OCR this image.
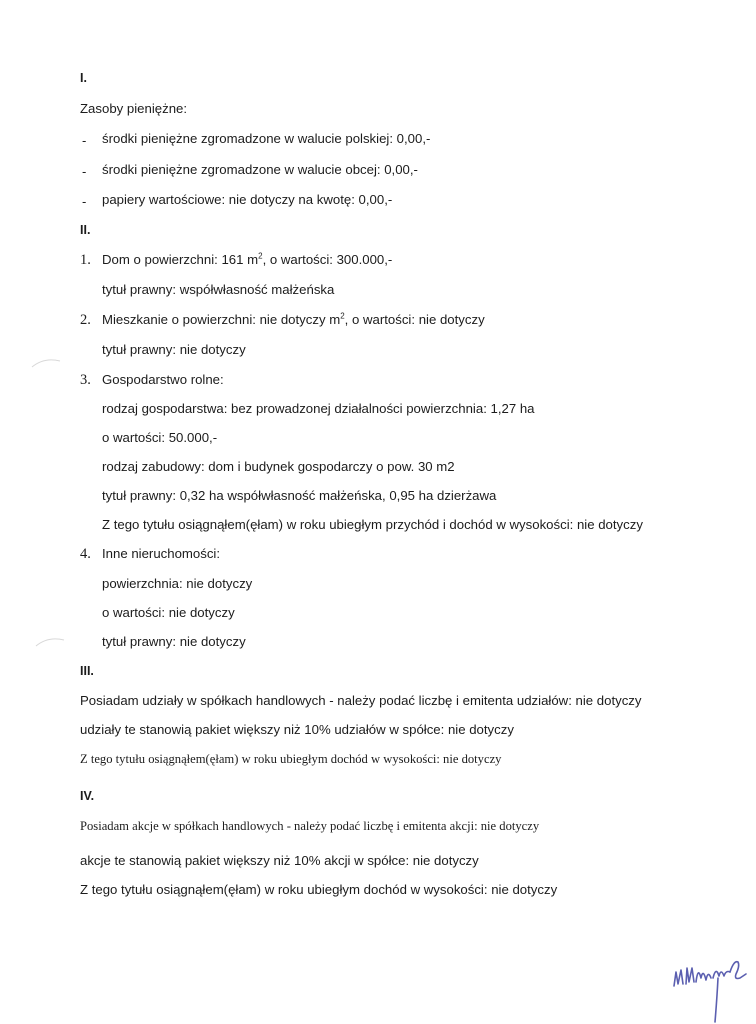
I.
Zasoby pieniężne:
- środki pieniężne zgromadzone w walucie polskiej: 0,00,-
- środki pieniężne zgromadzone w walucie obcej: 0,00,-
- papiery wartościowe: nie dotyczy na kwotę: 0,00,-
II.
1. Dom o powierzchni: 161 $m^2$, o wartości: 300.000,-
tytuł prawny: współwłasność małżeńska
2. Mieszkanie o powierzchni: nie dotyczy $m^2$, o wartości: nie dotyczy
tytuł prawny: nie dotyczy
3. Gospodarstwo rolne:
rodzaj gospodarstwa: bez prowadzonej działalności powierzchnia: 1,27 ha
o wartości: 50.000,-
rodzaj zabudowy: dom i budynek gospodarczy o pow. 30 m2
tytuł prawny: 0,32 ha współwłasność małżeńska, 0,95 ha dzierżawa
Z tego tytułu osiągnąłem(ęłam) w roku ubiegłym przychód i dochód w wysokości: nie dotyczy
4. Inne nieruchomości:
powierzchnia: nie dotyczy
o wartości: nie dotyczy
tytuł prawny: nie dotyczy
III.
Posiadam udziały w spółkach handlowych - należy podać liczbę i emitenta udziałów: nie dotyczy
udziały te stanowią pakiet większy niż 10% udziałów w spółce: nie dotyczy
Z tego tytułu osiągnąłem(ęłam) w roku ubiegłym dochód w wysokości: nie dotyczy
IV.
Posiadam akcje w spółkach handlowych - należy podać liczbę i emitenta akcji: nie dotyczy
akcje te stanowią pakiet większy niż 10% akcji w spółce: nie dotyczy
Z tego tytułu osiągnąłem(ęłam) w roku ubiegłym dochód w wysokości: nie dotyczy
